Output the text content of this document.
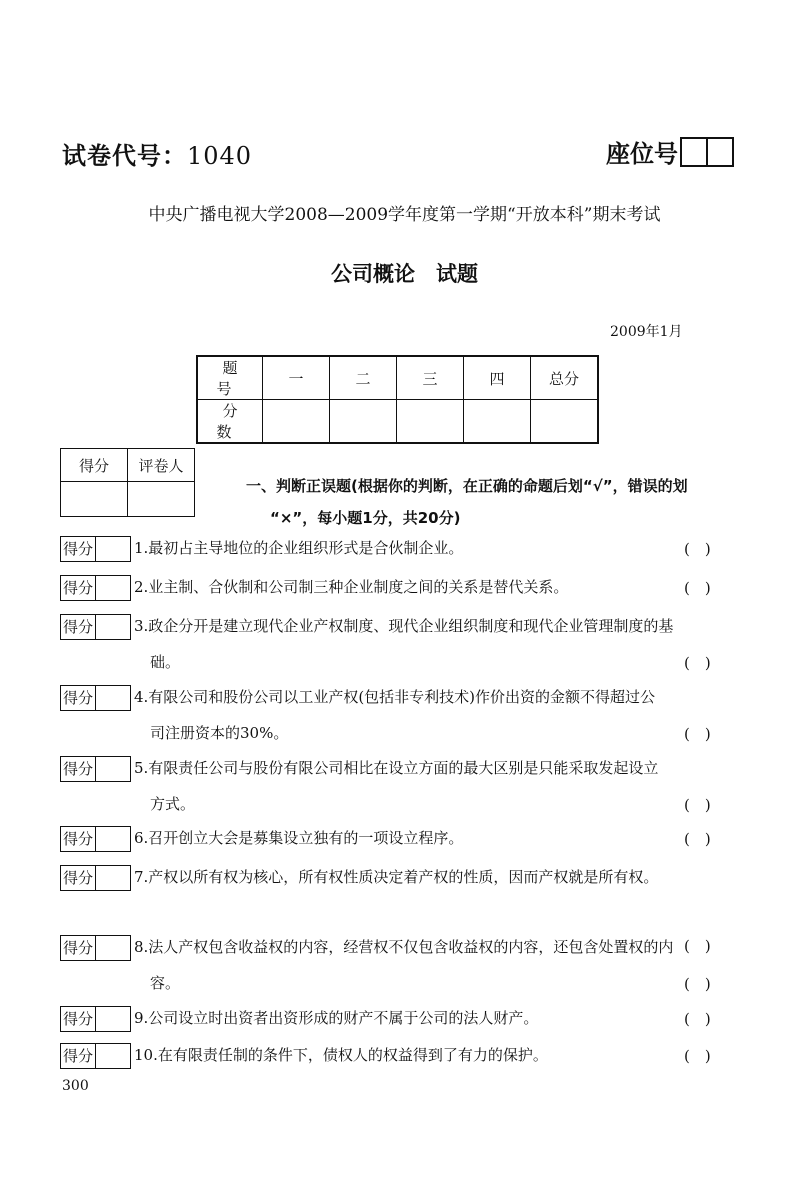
试卷代号：1040	座位号
中央广播电视大学2008—2009学年度第一学期“开放本科”期末考试
公司概论　试题
2009年1月
题号	一	二	三	四	总分
分数					
得分	评卷人

一、判断正误题(根据你的判断，在正确的命题后划“√”，错误的划
“×”，每小题1分，共20分)
得分	1.最初占主导地位的企业组织形式是合伙制企业。	(　)
得分	2.业主制、合伙制和公司制三种企业制度之间的关系是替代关系。	(　)
得分	3.政企分开是建立现代企业产权制度、现代企业组织制度和现代企业管理制度的基
础。	(　)
得分	4.有限公司和股份公司以工业产权(包括非专利技术)作价出资的金额不得超过公
司注册资本的30%。	(　)
得分	5.有限责任公司与股份有限公司相比在设立方面的最大区别是只能采取发起设立
方式。	(　)
得分	6.召开创立大会是募集设立独有的一项设立程序。	(　)
得分	7.产权以所有权为核心，所有权性质决定着产权的性质，因而产权就是所有权。
(　)
得分	8.法人产权包含收益权的内容，经营权不仅包含收益权的内容，还包含处置权的内
容。	(　)
得分	9.公司设立时出资者出资形成的财产不属于公司的法人财产。	(　)
得分	10.在有限责任制的条件下，债权人的权益得到了有力的保护。	(　)
300
